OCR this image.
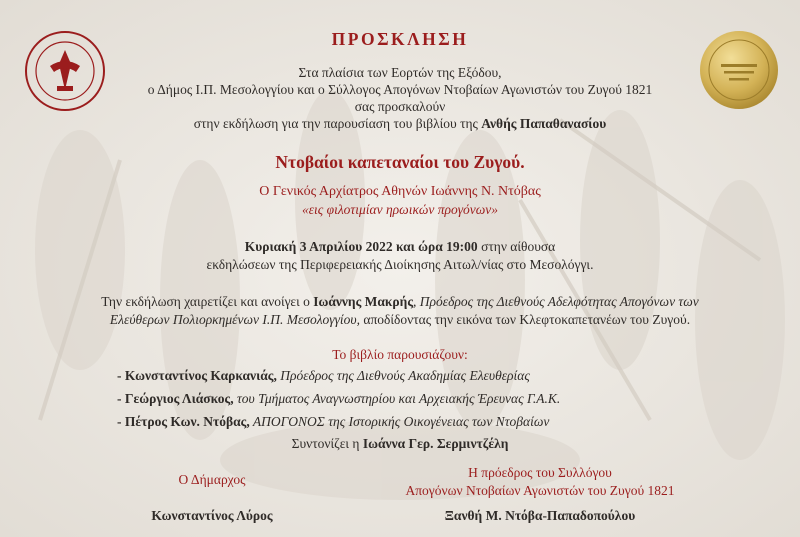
ΠΡΟΣΚΛΗΣΗ
Στα πλαίσια των Εορτών της Εξόδου,
ο Δήμος Ι.Π. Μεσολογγίου και ο Σύλλογος Απογόνων Ντοβαίων Αγωνιστών του Ζυγού 1821
σας προσκαλούν
στην εκδήλωση για την παρουσίαση του βιβλίου της Ανθής Παπαθανασίου
Ντοβαίοι καπεταναίοι του Ζυγού.
Ο Γενικός Αρχίατρος Αθηνών Ιωάννης Ν. Ντόβας
«εις φιλοτιμίαν ηρωικών προγόνων»
Κυριακή 3 Απριλίου 2022 και ώρα 19:00 στην αίθουσα
εκδηλώσεων της Περιφερειακής Διοίκησης Αιτωλ/νίας στο Μεσολόγγι.
Την εκδήλωση χαιρετίζει και ανοίγει ο Ιωάννης Μακρής, Πρόεδρος της Διεθνούς Αδελφότητας Απογόνων των
Ελεύθερων Πολιορκημένων Ι.Π. Μεσολογγίου, αποδίδοντας την εικόνα των Κλεφτοκαπετανέων του Ζυγού.
Το βιβλίο παρουσιάζουν:
- Κωνσταντίνος Καρκανιάς, Πρόεδρος της Διεθνούς Ακαδημίας Ελευθερίας
- Γεώργιος Λιάσκος, του Τμήματος Αναγνωστηρίου και Αρχειακής Έρευνας Γ.Α.Κ.
- Πέτρος Κων. Ντόβας, ΑΠΟΓΟΝΟΣ της Ιστορικής Οικογένειας των Ντοβαίων
Συντονίζει η Ιωάννα Γερ. Σερμιντζέλη
Ο Δήμαρχος
Κωνσταντίνος Λύρος
Η πρόεδρος του Συλλόγου
Απογόνων Ντοβαίων Αγωνιστών του Ζυγού 1821
Ξανθή Μ. Ντόβα-Παπαδοπούλου
